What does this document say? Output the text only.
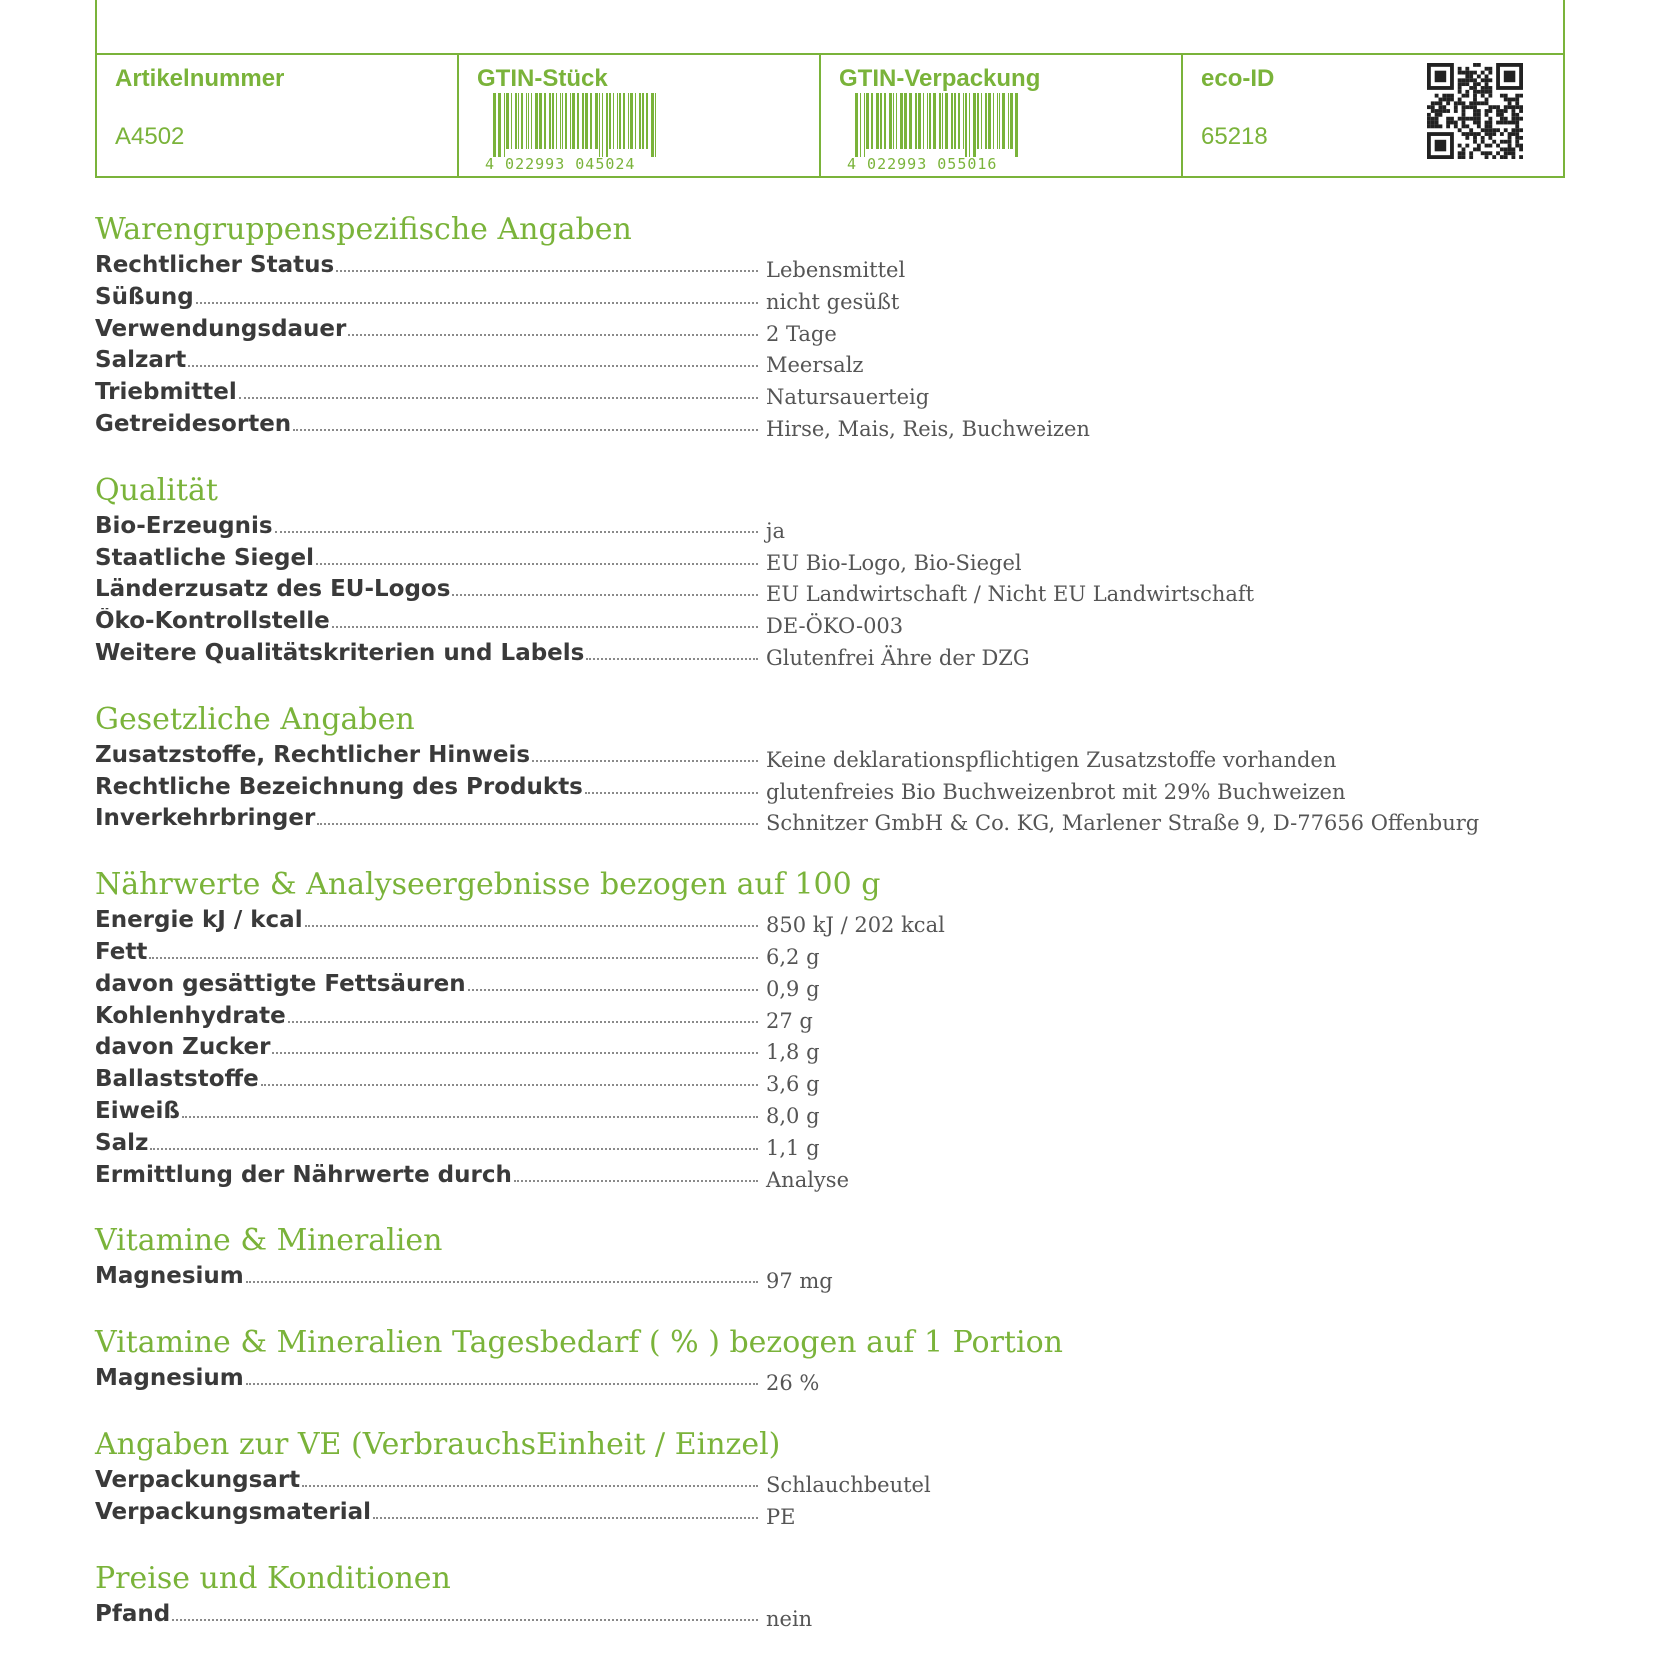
Artikelnummer
A4502
GTIN-Stück
4 022993 045024
GTIN-Verpackung
4 022993 055016
eco-ID
65218
Warengruppenspezifische Angaben
Rechtlicher Status	Lebensmittel
Süßung	nicht gesüßt
Verwendungsdauer	2 Tage
Salzart	Meersalz
Triebmittel	Natursauerteig
Getreidesorten	Hirse, Mais, Reis, Buchweizen
Qualität
Bio-Erzeugnis	ja
Staatliche Siegel	EU Bio-Logo, Bio-Siegel
Länderzusatz des EU-Logos	EU Landwirtschaft / Nicht EU Landwirtschaft
Öko-Kontrollstelle	DE-ÖKO-003
Weitere Qualitätskriterien und Labels	Glutenfrei Ähre der DZG
Gesetzliche Angaben
Zusatzstoffe, Rechtlicher Hinweis	Keine deklarationspflichtigen Zusatzstoffe vorhanden
Rechtliche Bezeichnung des Produkts	glutenfreies Bio Buchweizenbrot mit 29% Buchweizen
Inverkehrbringer	Schnitzer GmbH & Co. KG, Marlener Straße 9, D-77656 Offenburg
Nährwerte & Analyseergebnisse bezogen auf 100 g
Energie kJ / kcal	850 kJ / 202 kcal
Fett	6,2 g
davon gesättigte Fettsäuren	0,9 g
Kohlenhydrate	27 g
davon Zucker	1,8 g
Ballaststoffe	3,6 g
Eiweiß	8,0 g
Salz	1,1 g
Ermittlung der Nährwerte durch	Analyse
Vitamine & Mineralien
Magnesium	97 mg
Vitamine & Mineralien Tagesbedarf ( % ) bezogen auf 1 Portion
Magnesium	26 %
Angaben zur VE (VerbrauchsEinheit / Einzel)
Verpackungsart	Schlauchbeutel
Verpackungsmaterial	PE
Preise und Konditionen
Pfand	nein
